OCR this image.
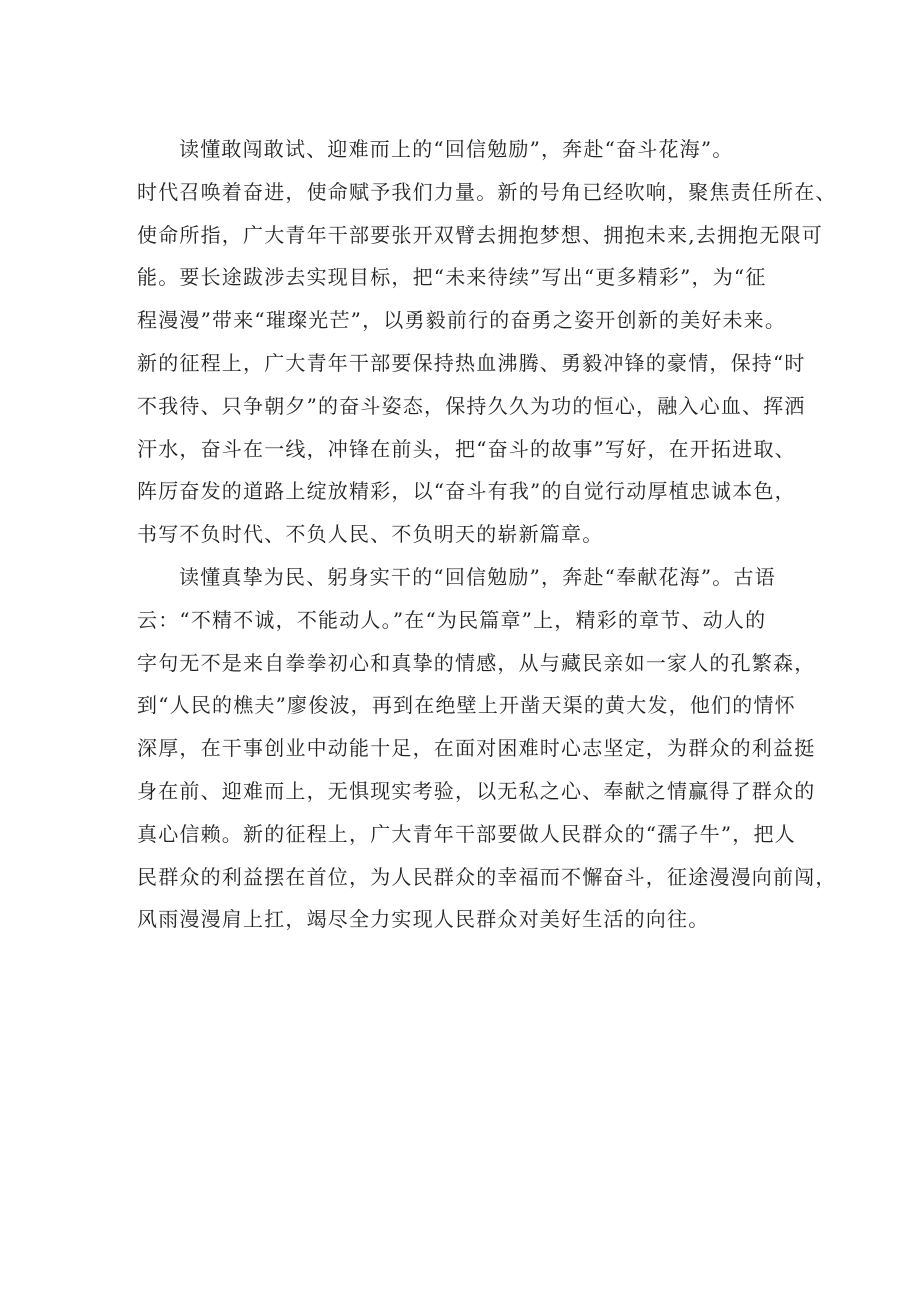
读懂敢闯敢试、迎难而上的“回信勉励”，奔赴“奋斗花海”。
时代召唤着奋进，使命赋予我们力量。新的号角已经吹响，聚焦责任所在、
使命所指，广大青年干部要张开双臂去拥抱梦想、拥抱未来,去拥抱无限可
能。要长途跋涉去实现目标，把“未来待续”写出“更多精彩”，为“征
程漫漫”带来“璀璨光芒”，以勇毅前行的奋勇之姿开创新的美好未来。
新的征程上，广大青年干部要保持热血沸腾、勇毅冲锋的豪情，保持“时
不我待、只争朝夕”的奋斗姿态，保持久久为功的恒心，融入心血、挥洒
汗水，奋斗在一线，冲锋在前头，把“奋斗的故事”写好，在开拓进取、
阵厉奋发的道路上绽放精彩，以“奋斗有我”的自觉行动厚植忠诚本色，
书写不负时代、不负人民、不负明天的崭新篇章。
读懂真挚为民、躬身实干的“回信勉励”，奔赴“奉献花海”。古语
云：“不精不诚，不能动人。”在“为民篇章”上，精彩的章节、动人的
字句无不是来自拳拳初心和真挚的情感，从与藏民亲如一家人的孔繁森，
到“人民的樵夫”廖俊波，再到在绝壁上开凿天渠的黄大发，他们的情怀
深厚，在干事创业中动能十足，在面对困难时心志坚定，为群众的利益挺
身在前、迎难而上，无惧现实考验，以无私之心、奉献之情赢得了群众的
真心信赖。新的征程上，广大青年干部要做人民群众的“孺子牛”，把人
民群众的利益摆在首位，为人民群众的幸福而不懈奋斗，征途漫漫向前闯，
风雨漫漫肩上扛，竭尽全力实现人民群众对美好生活的向往。
